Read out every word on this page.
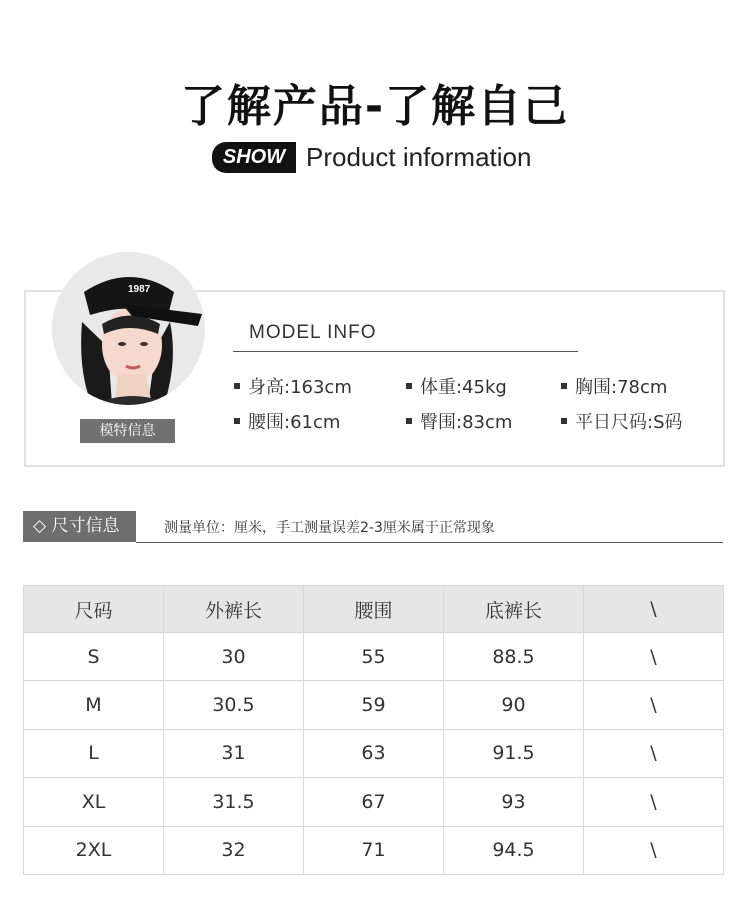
了解产品-了解自己
SHOW Product information
1987
模特信息
MODEL INFO
身高:163cm	体重:45kg	胸围:78cm
腰围:61cm	臀围:83cm	平日尺码:S码
◇ 尺寸信息	测量单位：厘米，手工测量误差2-3厘米属于正常现象
尺码	外裤长	腰围	底裤长	\
S	30	55	88.5	\
M	30.5	59	90	\
L	31	63	91.5	\
XL	31.5	67	93	\
2XL	32	71	94.5	\
